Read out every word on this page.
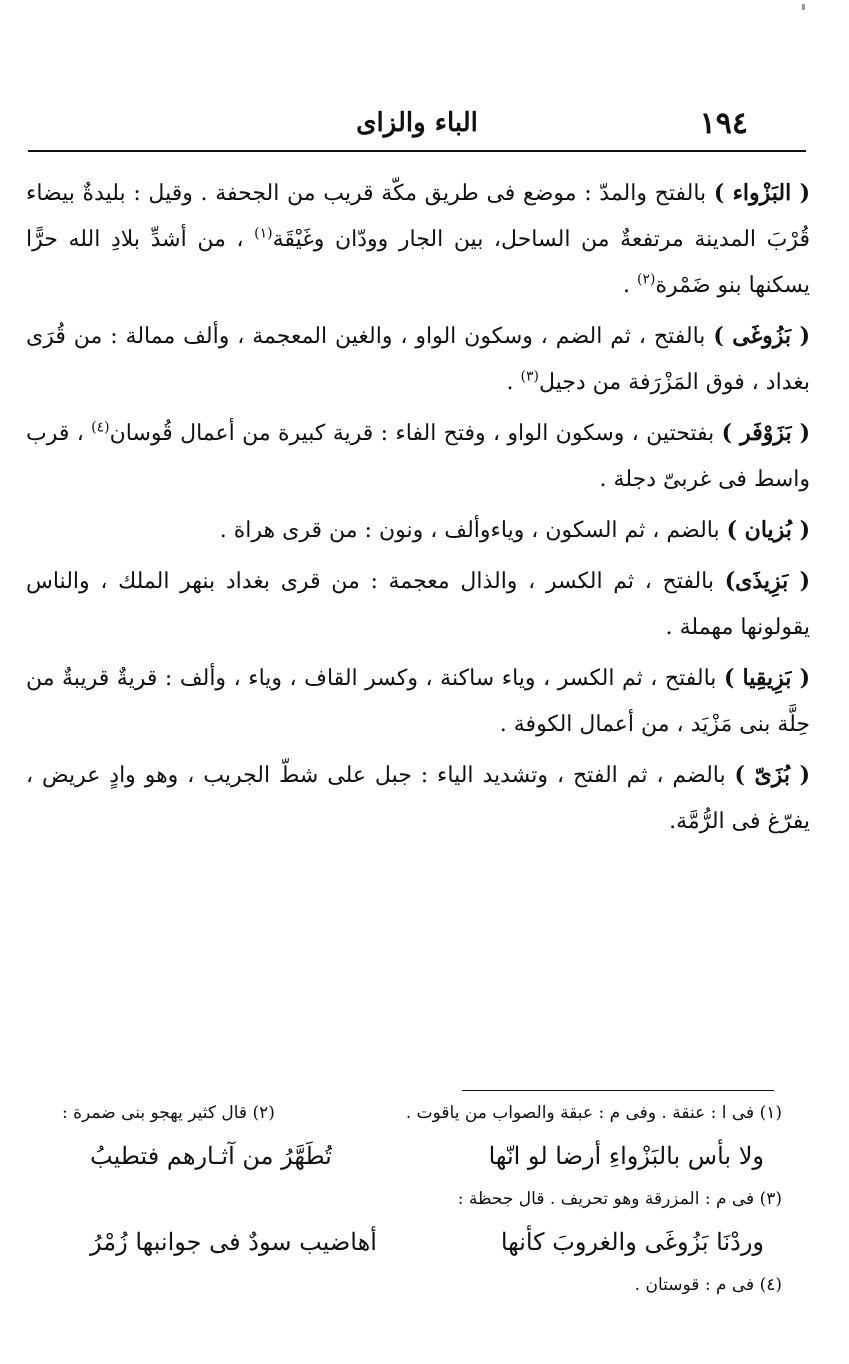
١٩٤
الباء والزاى

( البَزْواء ) بالفتح والمدّ : موضع فى طريق مكّة قريب من الجحفة . وقيل : بليدةٌ بيضاء قُرْبَ المدينة مرتفعةٌ من الساحل، بين الجار وودّان وغَيْقَة$^{(١)}$ ، من أشدِّ بلادِ الله حرًّا يسكنها بنو ضَمْرة$^{(٢)}$ .

( بَزُوغَى ) بالفتح ، ثم الضم ، وسكون الواو ، والغين المعجمة ، وألف ممالة : من قُرَى بغداد ، فوق المَزْرَفة من دجيل$^{(٣)}$ .

( بَزَوْفَر ) بفتحتين ، وسكون الواو ، وفتح الفاء : قرية كبيرة من أعمال قُوسان$^{(٤)}$ ، قرب واسط فى غربىّ دجلة .

( بُزيان ) بالضم ، ثم السكون ، وياءوألف ، ونون : من قرى هراة .

( بَزِيذَى) بالفتح ، ثم الكسر ، والذال معجمة : من قرى بغداد بنهر الملك ، والناس يقولونها مهملة .

( بَزِيقِيا ) بالفتح ، ثم الكسر ، وياء ساكنة ، وكسر القاف ، وياء ، وألف : قريةٌ قريبةٌ من حِلَّة بنى مَزْيَد ، من أعمال الكوفة .

( بُزَىّ ) بالضم ، ثم الفتح ، وتشديد الياء : جبل على شطّ الجريب ، وهو وادٍ عريض ، يفرّغ فى الرُّمَّة.

(١) فى ا : عنقة . وفى م : عبقة والصواب من ياقوت .
(٢) قال كثير يهجو بنى ضمرة :
ولا بأس بالبَزْواءِ أرضا لو انّها
تُطَهَّرُ من آثـارهم فتطيبُ
(٣) فى م : المزرقة وهو تحريف . قال جحظة :
وردْنَا بَزُوغَى والغروبَ كأنها
أهاضيب سودٌ فى جوانبها زُمْرُ
(٤) فى م : قوستان .
